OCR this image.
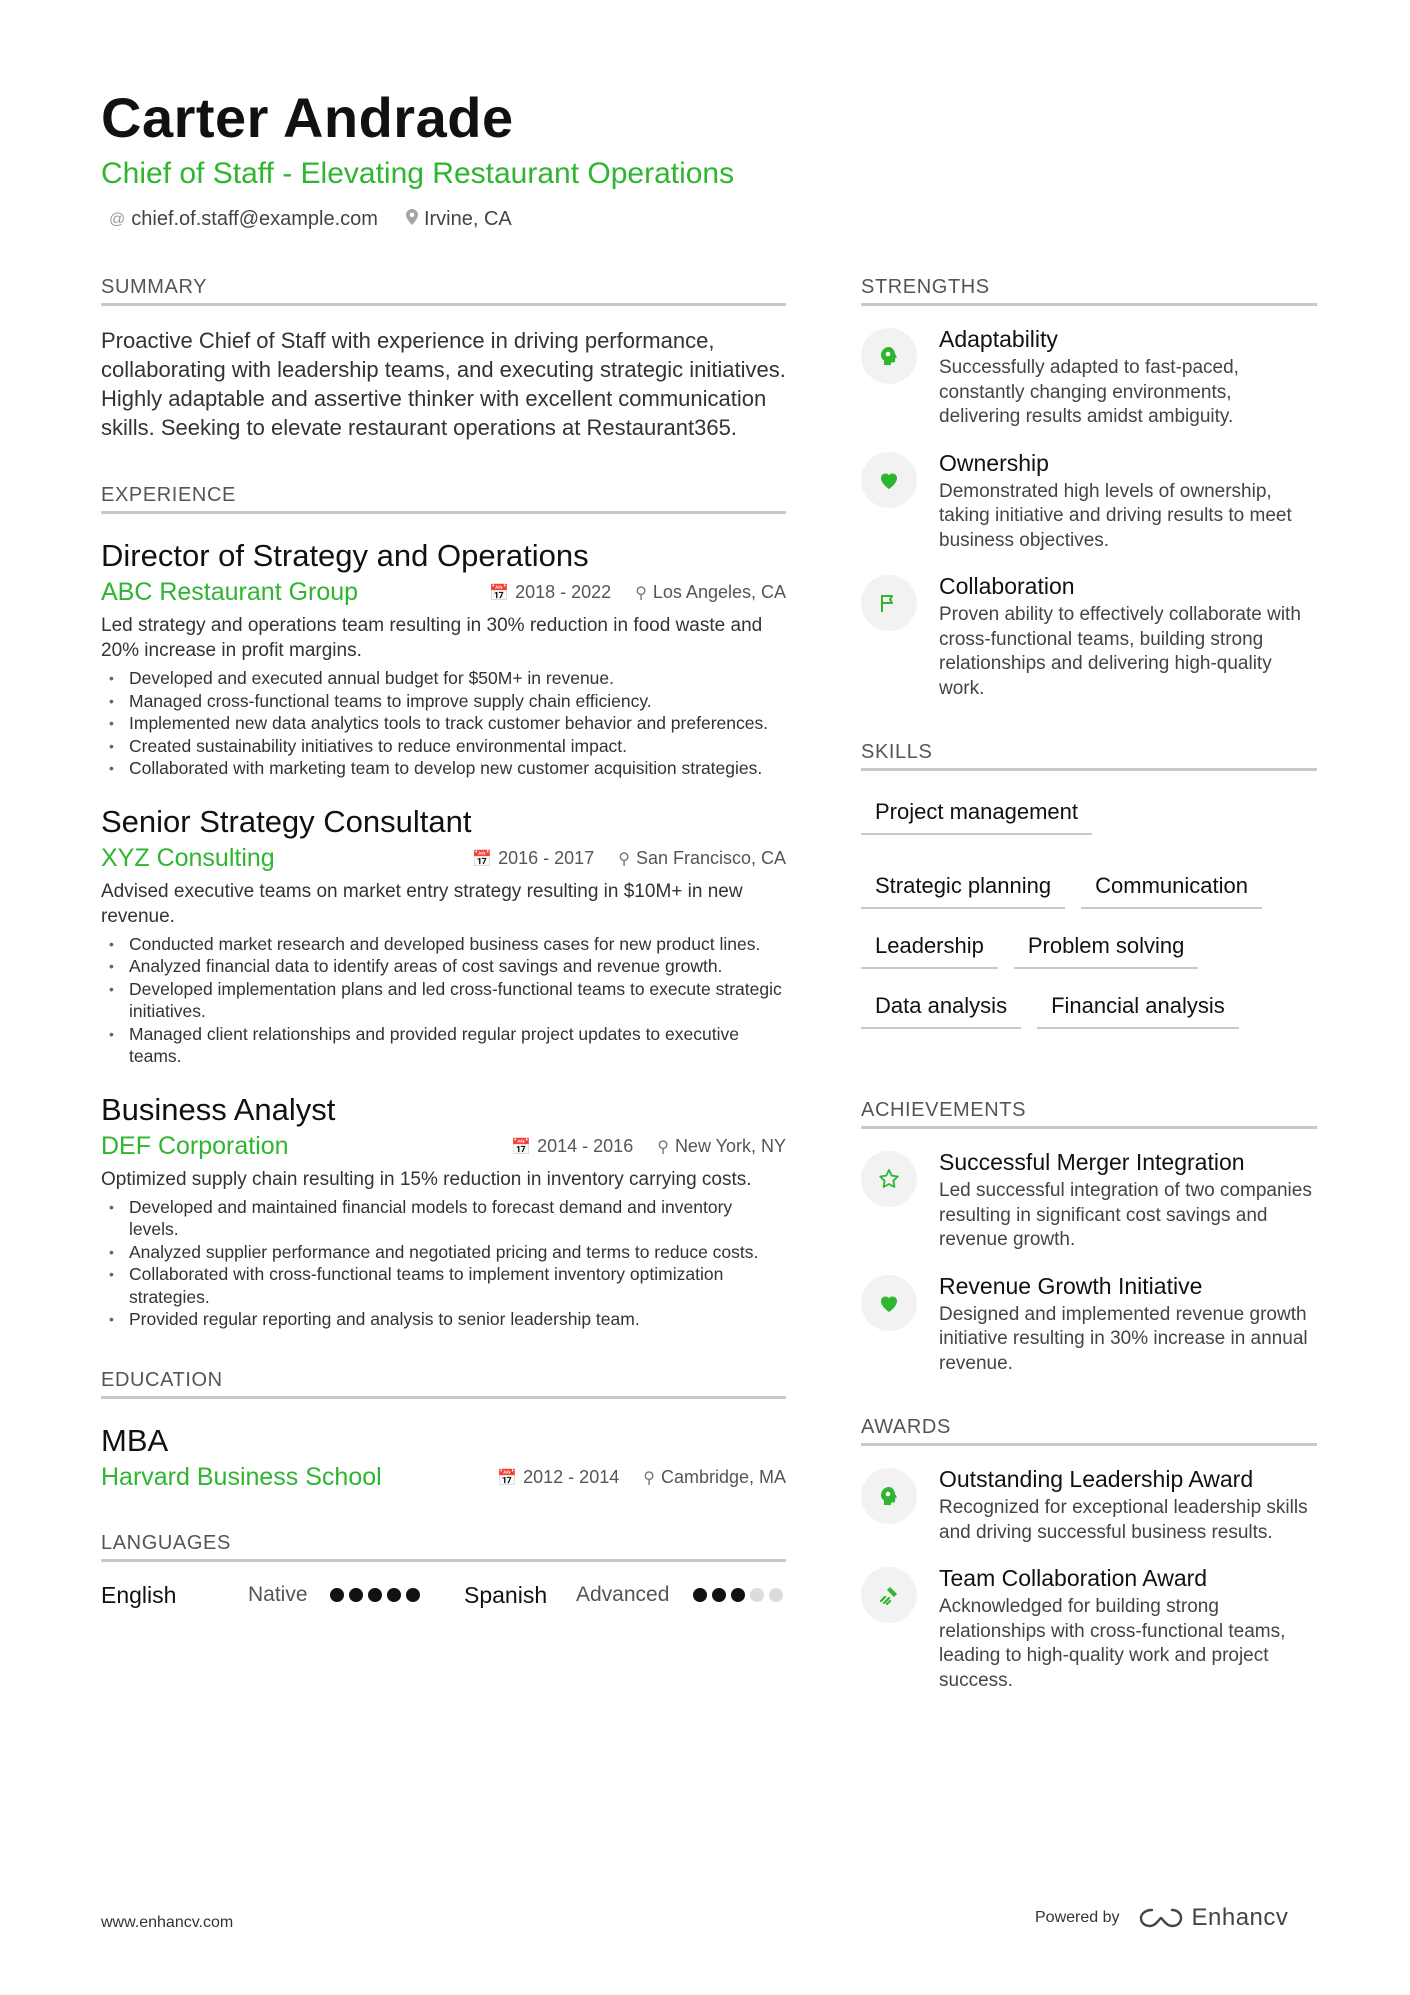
Carter Andrade
Chief of Staff - Elevating Restaurant Operations
@ chief.of.staff@example.com Irvine, CA
SUMMARY
Proactive Chief of Staff with experience in driving performance, collaborating with leadership teams, and executing strategic initiatives. Highly adaptable and assertive thinker with excellent communication skills. Seeking to elevate restaurant operations at Restaurant365.
EXPERIENCE
Director of Strategy and Operations
ABC Restaurant Group	📅 2018 - 2022 ⚲ Los Angeles, CA
Led strategy and operations team resulting in 30% reduction in food waste and 20% increase in profit margins.
• Developed and executed annual budget for $50M+ in revenue.
• Managed cross-functional teams to improve supply chain efficiency.
• Implemented new data analytics tools to track customer behavior and preferences.
• Created sustainability initiatives to reduce environmental impact.
• Collaborated with marketing team to develop new customer acquisition strategies.
Senior Strategy Consultant
XYZ Consulting	📅 2016 - 2017 ⚲ San Francisco, CA
Advised executive teams on market entry strategy resulting in $10M+ in new revenue.
• Conducted market research and developed business cases for new product lines.
• Analyzed financial data to identify areas of cost savings and revenue growth.
• Developed implementation plans and led cross-functional teams to execute strategic initiatives.
• Managed client relationships and provided regular project updates to executive teams.
Business Analyst
DEF Corporation	📅 2014 - 2016 ⚲ New York, NY
Optimized supply chain resulting in 15% reduction in inventory carrying costs.
• Developed and maintained financial models to forecast demand and inventory levels.
• Analyzed supplier performance and negotiated pricing and terms to reduce costs.
• Collaborated with cross-functional teams to implement inventory optimization strategies.
• Provided regular reporting and analysis to senior leadership team.
EDUCATION
MBA
Harvard Business School	📅 2012 - 2014 ⚲ Cambridge, MA
LANGUAGES
English	Native	Spanish	Advanced
STRENGTHS
Adaptability
Successfully adapted to fast-paced, constantly changing environments, delivering results amidst ambiguity.
Ownership
Demonstrated high levels of ownership, taking initiative and driving results to meet business objectives.
Collaboration
Proven ability to effectively collaborate with cross-functional teams, building strong relationships and delivering high-quality work.
SKILLS
Project management
Strategic planning	Communication
Leadership	Problem solving
Data analysis	Financial analysis
ACHIEVEMENTS
Successful Merger Integration
Led successful integration of two companies resulting in significant cost savings and revenue growth.
Revenue Growth Initiative
Designed and implemented revenue growth initiative resulting in 30% increase in annual revenue.
AWARDS
Outstanding Leadership Award
Recognized for exceptional leadership skills and driving successful business results.
Team Collaboration Award
Acknowledged for building strong relationships with cross-functional teams, leading to high-quality work and project success.
www.enhancv.com	Powered by	Enhancv
